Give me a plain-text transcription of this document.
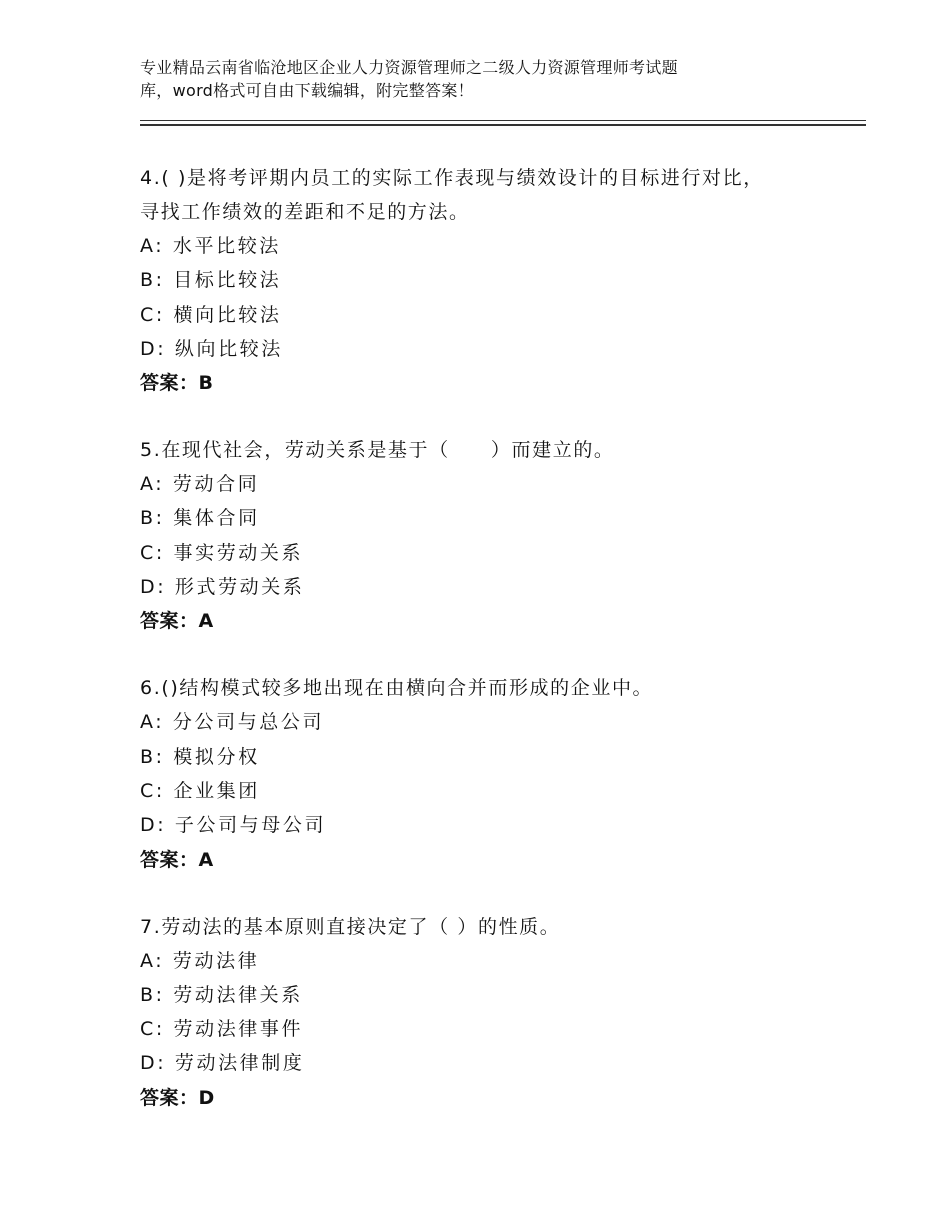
专业精品云南省临沧地区企业人力资源管理师之二级人力资源管理师考试题
库，word格式可自由下载编辑，附完整答案！
4.( )是将考评期内员工的实际工作表现与绩效设计的目标进行对比，
寻找工作绩效的差距和不足的方法。
A: 水平比较法
B: 目标比较法
C: 横向比较法
D: 纵向比较法
答案：B
5.在现代社会，劳动关系是基于（　　）而建立的。
A: 劳动合同
B: 集体合同
C: 事实劳动关系
D: 形式劳动关系
答案：A
6.()结构模式较多地出现在由横向合并而形成的企业中。
A: 分公司与总公司
B: 模拟分权
C: 企业集团
D: 子公司与母公司
答案：A
7.劳动法的基本原则直接决定了（ ）的性质。
A: 劳动法律
B: 劳动法律关系
C: 劳动法律事件
D: 劳动法律制度
答案：D
